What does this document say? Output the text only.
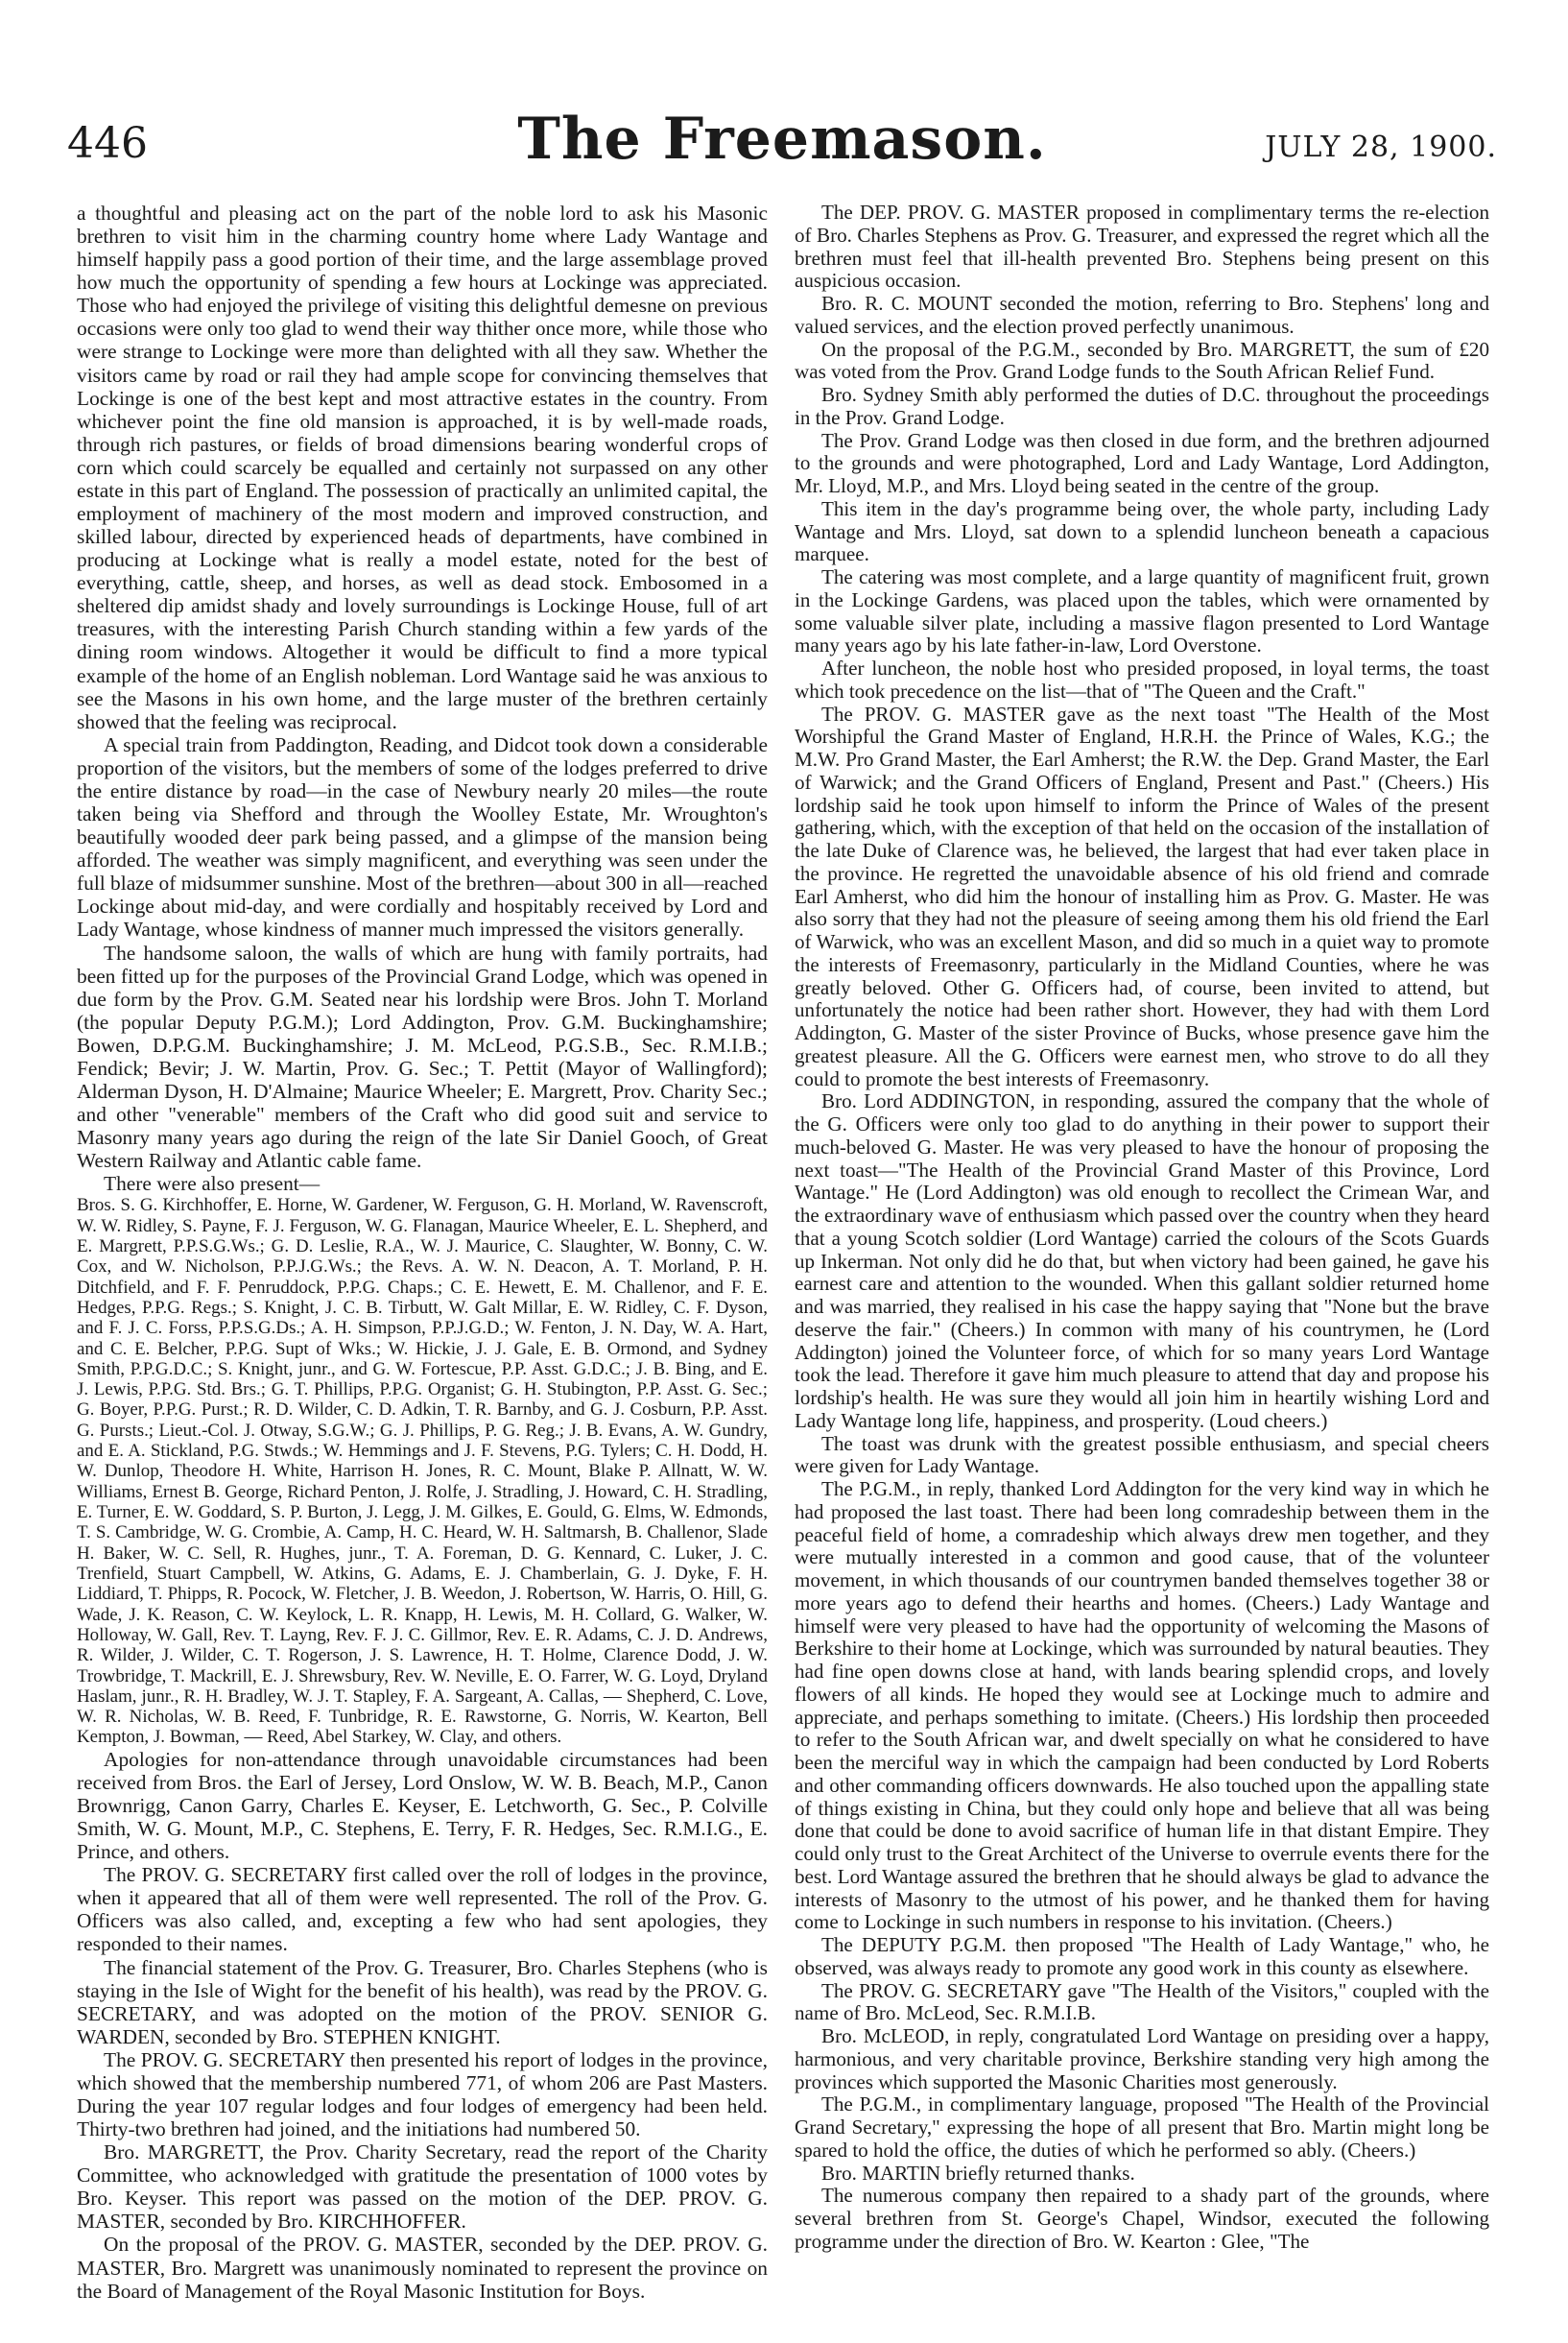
446	The Freemason.	JULY 28, 1900.

a thoughtful and pleasing act on the part of the noble lord to ask his Masonic brethren to visit him in the charming country home where Lady Wantage and himself happily pass a good portion of their time, and the large assemblage proved how much the opportunity of spending a few hours at Lockinge was appreciated. Those who had enjoyed the privilege of visiting this delightful demesne on previous occasions were only too glad to wend their way thither once more, while those who were strange to Lockinge were more than delighted with all they saw. Whether the visitors came by road or rail they had ample scope for convincing themselves that Lockinge is one of the best kept and most attractive estates in the country. From whichever point the fine old mansion is approached, it is by well-made roads, through rich pastures, or fields of broad dimensions bearing wonderful crops of corn which could scarcely be equalled and certainly not surpassed on any other estate in this part of England. The possession of practically an unlimited capital, the employment of machinery of the most modern and improved construction, and skilled labour, directed by experienced heads of departments, have combined in producing at Lockinge what is really a model estate, noted for the best of everything, cattle, sheep, and horses, as well as dead stock. Embosomed in a sheltered dip amidst shady and lovely surroundings is Lockinge House, full of art treasures, with the interesting Parish Church standing within a few yards of the dining room windows. Altogether it would be difficult to find a more typical example of the home of an English nobleman. Lord Wantage said he was anxious to see the Masons in his own home, and the large muster of the brethren certainly showed that the feeling was reciprocal.

A special train from Paddington, Reading, and Didcot took down a considerable proportion of the visitors, but the members of some of the lodges preferred to drive the entire distance by road—in the case of Newbury nearly 20 miles—the route taken being via Shefford and through the Woolley Estate, Mr. Wroughton's beautifully wooded deer park being passed, and a glimpse of the mansion being afforded. The weather was simply magnificent, and everything was seen under the full blaze of midsummer sunshine. Most of the brethren—about 300 in all—reached Lockinge about mid-day, and were cordially and hospitably received by Lord and Lady Wantage, whose kindness of manner much impressed the visitors generally.

The handsome saloon, the walls of which are hung with family portraits, had been fitted up for the purposes of the Provincial Grand Lodge, which was opened in due form by the Prov. G.M. Seated near his lordship were Bros. John T. Morland (the popular Deputy P.G.M.); Lord Addington, Prov. G.M. Buckinghamshire; Bowen, D.P.G.M. Buckinghamshire; J. M. McLeod, P.G.S.B., Sec. R.M.I.B.; Fendick; Bevir; J. W. Martin, Prov. G. Sec.; T. Pettit (Mayor of Wallingford); Alderman Dyson, H. D'Almaine; Maurice Wheeler; E. Margrett, Prov. Charity Sec.; and other "venerable" members of the Craft who did good suit and service to Masonry many years ago during the reign of the late Sir Daniel Gooch, of Great Western Railway and Atlantic cable fame.

There were also present—

Bros. S. G. Kirchhoffer, E. Horne, W. Gardener, W. Ferguson, G. H. Morland, W. Ravenscroft, W. W. Ridley, S. Payne, F. J. Ferguson, W. G. Flanagan, Maurice Wheeler, E. L. Shepherd, and E. Margrett, P.P.S.G.Ws.; G. D. Leslie, R.A., W. J. Maurice, C. Slaughter, W. Bonny, C. W. Cox, and W. Nicholson, P.P.J.G.Ws.; the Revs. A. W. N. Deacon, A. T. Morland, P. H. Ditchfield, and F. F. Penruddock, P.P.G. Chaps.; C. E. Hewett, E. M. Challenor, and F. E. Hedges, P.P.G. Regs.; S. Knight, J. C. B. Tirbutt, W. Galt Millar, E. W. Ridley, C. F. Dyson, and F. J. C. Forss, P.P.S.G.Ds.; A. H. Simpson, P.P.J.G.D.; W. Fenton, J. N. Day, W. A. Hart, and C. E. Belcher, P.P.G. Supt of Wks.; W. Hickie, J. J. Gale, E. B. Ormond, and Sydney Smith, P.P.G.D.C.; S. Knight, junr., and G. W. Fortescue, P.P. Asst. G.D.C.; J. B. Bing, and E. J. Lewis, P.P.G. Std. Brs.; G. T. Phillips, P.P.G. Organist; G. H. Stubington, P.P. Asst. G. Sec.; G. Boyer, P.P.G. Purst.; R. D. Wilder, C. D. Adkin, T. R. Barnby, and G. J. Cosburn, P.P. Asst. G. Pursts.; Lieut.-Col. J. Otway, S.G.W.; G. J. Phillips, P. G. Reg.; J. B. Evans, A. W. Gundry, and E. A. Stickland, P.G. Stwds.; W. Hemmings and J. F. Stevens, P.G. Tylers; C. H. Dodd, H. W. Dunlop, Theodore H. White, Harrison H. Jones, R. C. Mount, Blake P. Allnatt, W. W. Williams, Ernest B. George, Richard Penton, J. Rolfe, J. Stradling, J. Howard, C. H. Stradling, E. Turner, E. W. Goddard, S. P. Burton, J. Legg, J. M. Gilkes, E. Gould, G. Elms, W. Edmonds, T. S. Cambridge, W. G. Crombie, A. Camp, H. C. Heard, W. H. Saltmarsh, B. Challenor, Slade H. Baker, W. C. Sell, R. Hughes, junr., T. A. Foreman, D. G. Kennard, C. Luker, J. C. Trenfield, Stuart Campbell, W. Atkins, G. Adams, E. J. Chamberlain, G. J. Dyke, F. H. Liddiard, T. Phipps, R. Pocock, W. Fletcher, J. B. Weedon, J. Robertson, W. Harris, O. Hill, G. Wade, J. K. Reason, C. W. Keylock, L. R. Knapp, H. Lewis, M. H. Collard, G. Walker, W. Holloway, W. Gall, Rev. T. Layng, Rev. F. J. C. Gillmor, Rev. E. R. Adams, C. J. D. Andrews, R. Wilder, J. Wilder, C. T. Rogerson, J. S. Lawrence, H. T. Holme, Clarence Dodd, J. W. Trowbridge, T. Mackrill, E. J. Shrewsbury, Rev. W. Neville, E. O. Farrer, W. G. Loyd, Dryland Haslam, junr., R. H. Bradley, W. J. T. Stapley, F. A. Sargeant, A. Callas, — Shepherd, C. Love, W. R. Nicholas, W. B. Reed, F. Tunbridge, R. E. Rawstorne, G. Norris, W. Kearton, Bell Kempton, J. Bowman, — Reed, Abel Starkey, W. Clay, and others.

Apologies for non-attendance through unavoidable circumstances had been received from Bros. the Earl of Jersey, Lord Onslow, W. W. B. Beach, M.P., Canon Brownrigg, Canon Garry, Charles E. Keyser, E. Letchworth, G. Sec., P. Colville Smith, W. G. Mount, M.P., C. Stephens, E. Terry, F. R. Hedges, Sec. R.M.I.G., E. Prince, and others.

The PROV. G. SECRETARY first called over the roll of lodges in the province, when it appeared that all of them were well represented. The roll of the Prov. G. Officers was also called, and, excepting a few who had sent apologies, they responded to their names.

The financial statement of the Prov. G. Treasurer, Bro. Charles Stephens (who is staying in the Isle of Wight for the benefit of his health), was read by the PROV. G. SECRETARY, and was adopted on the motion of the PROV. SENIOR G. WARDEN, seconded by Bro. STEPHEN KNIGHT.

The PROV. G. SECRETARY then presented his report of lodges in the province, which showed that the membership numbered 771, of whom 206 are Past Masters. During the year 107 regular lodges and four lodges of emergency had been held. Thirty-two brethren had joined, and the initiations had numbered 50.

Bro. MARGRETT, the Prov. Charity Secretary, read the report of the Charity Committee, who acknowledged with gratitude the presentation of 1000 votes by Bro. Keyser. This report was passed on the motion of the DEP. PROV. G. MASTER, seconded by Bro. KIRCHHOFFER.

On the proposal of the PROV. G. MASTER, seconded by the DEP. PROV. G. MASTER, Bro. Margrett was unanimously nominated to represent the province on the Board of Management of the Royal Masonic Institution for Boys.

The DEP. PROV. G. MASTER proposed in complimentary terms the re-election of Bro. Charles Stephens as Prov. G. Treasurer, and expressed the regret which all the brethren must feel that ill-health prevented Bro. Stephens being present on this auspicious occasion.

Bro. R. C. MOUNT seconded the motion, referring to Bro. Stephens' long and valued services, and the election proved perfectly unanimous.

On the proposal of the P.G.M., seconded by Bro. MARGRETT, the sum of £20 was voted from the Prov. Grand Lodge funds to the South African Relief Fund.

Bro. Sydney Smith ably performed the duties of D.C. throughout the proceedings in the Prov. Grand Lodge.

The Prov. Grand Lodge was then closed in due form, and the brethren adjourned to the grounds and were photographed, Lord and Lady Wantage, Lord Addington, Mr. Lloyd, M.P., and Mrs. Lloyd being seated in the centre of the group.

This item in the day's programme being over, the whole party, including Lady Wantage and Mrs. Lloyd, sat down to a splendid luncheon beneath a capacious marquee.

The catering was most complete, and a large quantity of magnificent fruit, grown in the Lockinge Gardens, was placed upon the tables, which were ornamented by some valuable silver plate, including a massive flagon presented to Lord Wantage many years ago by his late father-in-law, Lord Overstone.

After luncheon, the noble host who presided proposed, in loyal terms, the toast which took precedence on the list—that of "The Queen and the Craft."

The PROV. G. MASTER gave as the next toast "The Health of the Most Worshipful the Grand Master of England, H.R.H. the Prince of Wales, K.G.; the M.W. Pro Grand Master, the Earl Amherst; the R.W. the Dep. Grand Master, the Earl of Warwick; and the Grand Officers of England, Present and Past." (Cheers.) His lordship said he took upon himself to inform the Prince of Wales of the present gathering, which, with the exception of that held on the occasion of the installation of the late Duke of Clarence was, he believed, the largest that had ever taken place in the province. He regretted the unavoidable absence of his old friend and comrade Earl Amherst, who did him the honour of installing him as Prov. G. Master. He was also sorry that they had not the pleasure of seeing among them his old friend the Earl of Warwick, who was an excellent Mason, and did so much in a quiet way to promote the interests of Freemasonry, particularly in the Midland Counties, where he was greatly beloved. Other G. Officers had, of course, been invited to attend, but unfortunately the notice had been rather short. However, they had with them Lord Addington, G. Master of the sister Province of Bucks, whose presence gave him the greatest pleasure. All the G. Officers were earnest men, who strove to do all they could to promote the best interests of Freemasonry.

Bro. Lord ADDINGTON, in responding, assured the company that the whole of the G. Officers were only too glad to do anything in their power to support their much-beloved G. Master. He was very pleased to have the honour of proposing the next toast—"The Health of the Provincial Grand Master of this Province, Lord Wantage." He (Lord Addington) was old enough to recollect the Crimean War, and the extraordinary wave of enthusiasm which passed over the country when they heard that a young Scotch soldier (Lord Wantage) carried the colours of the Scots Guards up Inkerman. Not only did he do that, but when victory had been gained, he gave his earnest care and attention to the wounded. When this gallant soldier returned home and was married, they realised in his case the happy saying that "None but the brave deserve the fair." (Cheers.) In common with many of his countrymen, he (Lord Addington) joined the Volunteer force, of which for so many years Lord Wantage took the lead. Therefore it gave him much pleasure to attend that day and propose his lordship's health. He was sure they would all join him in heartily wishing Lord and Lady Wantage long life, happiness, and prosperity. (Loud cheers.)

The toast was drunk with the greatest possible enthusiasm, and special cheers were given for Lady Wantage.

The P.G.M., in reply, thanked Lord Addington for the very kind way in which he had proposed the last toast. There had been long comradeship between them in the peaceful field of home, a comradeship which always drew men together, and they were mutually interested in a common and good cause, that of the volunteer movement, in which thousands of our countrymen banded themselves together 38 or more years ago to defend their hearths and homes. (Cheers.) Lady Wantage and himself were very pleased to have had the opportunity of welcoming the Masons of Berkshire to their home at Lockinge, which was surrounded by natural beauties. They had fine open downs close at hand, with lands bearing splendid crops, and lovely flowers of all kinds. He hoped they would see at Lockinge much to admire and appreciate, and perhaps something to imitate. (Cheers.) His lordship then proceeded to refer to the South African war, and dwelt specially on what he considered to have been the merciful way in which the campaign had been conducted by Lord Roberts and other commanding officers downwards. He also touched upon the appalling state of things existing in China, but they could only hope and believe that all was being done that could be done to avoid sacrifice of human life in that distant Empire. They could only trust to the Great Architect of the Universe to overrule events there for the best. Lord Wantage assured the brethren that he should always be glad to advance the interests of Masonry to the utmost of his power, and he thanked them for having come to Lockinge in such numbers in response to his invitation. (Cheers.)

The DEPUTY P.G.M. then proposed "The Health of Lady Wantage," who, he observed, was always ready to promote any good work in this county as elsewhere.

The PROV. G. SECRETARY gave "The Health of the Visitors," coupled with the name of Bro. McLeod, Sec. R.M.I.B.

Bro. McLEOD, in reply, congratulated Lord Wantage on presiding over a happy, harmonious, and very charitable province, Berkshire standing very high among the provinces which supported the Masonic Charities most generously.

The P.G.M., in complimentary language, proposed "The Health of the Provincial Grand Secretary," expressing the hope of all present that Bro. Martin might long be spared to hold the office, the duties of which he performed so ably. (Cheers.)

Bro. MARTIN briefly returned thanks.

The numerous company then repaired to a shady part of the grounds, where several brethren from St. George's Chapel, Windsor, executed the following programme under the direction of Bro. W. Kearton : Glee, "The
